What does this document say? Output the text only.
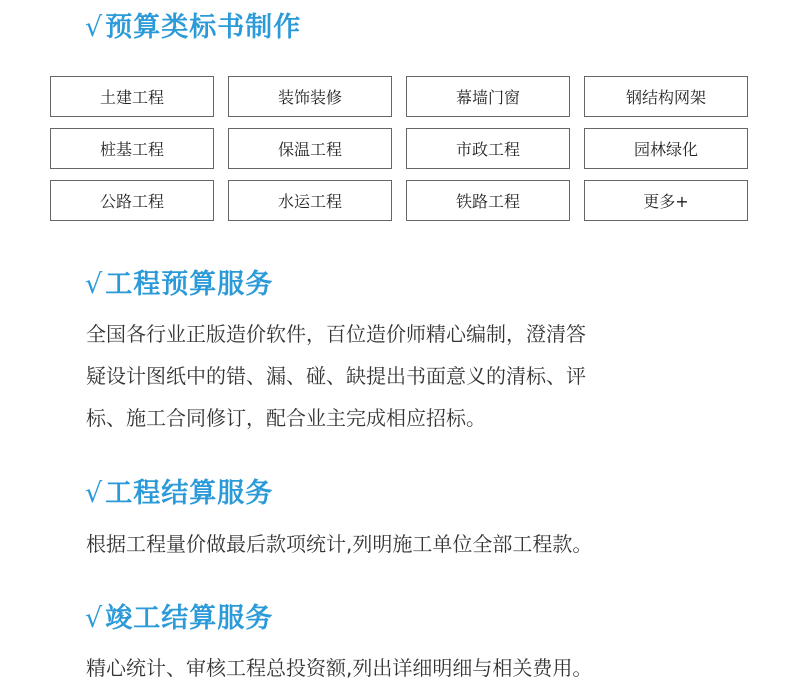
√预算类标书制作
土建工程	装饰装修	幕墙门窗	钢结构网架
桩基工程	保温工程	市政工程	园林绿化
公路工程	水运工程	铁路工程	更多+
√工程预算服务
全国各行业正版造价软件，百位造价师精心编制，澄清答
疑设计图纸中的错、漏、碰、缺提出书面意义的清标、评
标、施工合同修订，配合业主完成相应招标。
√工程结算服务
根据工程量价做最后款项统计,列明施工单位全部工程款。
√竣工结算服务
精心统计、审核工程总投资额,列出详细明细与相关费用。
